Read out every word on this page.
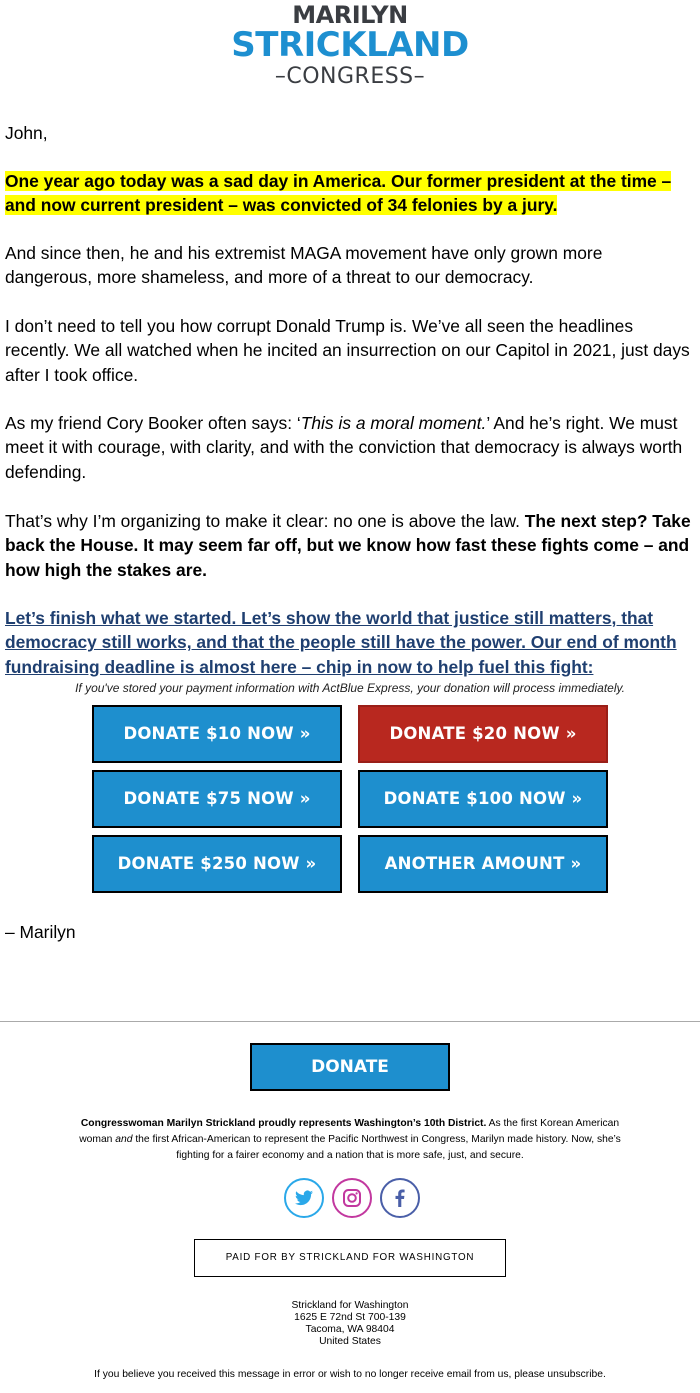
MARILYN
STRICKLAND
–CONGRESS–
John,
One year ago today was a sad day in America. Our former president at the time – and now current president – was convicted of 34 felonies by a jury.
And since then, he and his extremist MAGA movement have only grown more dangerous, more shameless, and more of a threat to our democracy.
I don’t need to tell you how corrupt Donald Trump is. We’ve all seen the headlines recently. We all watched when he incited an insurrection on our Capitol in 2021, just days after I took office.
As my friend Cory Booker often says: ‘This is a moral moment.’ And he’s right. We must meet it with courage, with clarity, and with the conviction that democracy is always worth defending.
That’s why I’m organizing to make it clear: no one is above the law. The next step? Take back the House. It may seem far off, but we know how fast these fights come – and how high the stakes are.
Let’s finish what we started. Let’s show the world that justice still matters, that democracy still works, and that the people still have the power. Our end of month fundraising deadline is almost here – chip in now to help fuel this fight:
If you've stored your payment information with ActBlue Express, your donation will process immediately.
DONATE $10 NOW »	DONATE $20 NOW »
DONATE $75 NOW »	DONATE $100 NOW »
DONATE $250 NOW »	ANOTHER AMOUNT »
– Marilyn
DONATE
Congresswoman Marilyn Strickland proudly represents Washington’s 10th District. As the first Korean American woman and the first African-American to represent the Pacific Northwest in Congress, Marilyn made history. Now, she’s fighting for a fairer economy and a nation that is more safe, just, and secure.
PAID FOR BY STRICKLAND FOR WASHINGTON
Strickland for Washington
1625 E 72nd St 700-139
Tacoma, WA 98404
United States
If you believe you received this message in error or wish to no longer receive email from us, please unsubscribe.
